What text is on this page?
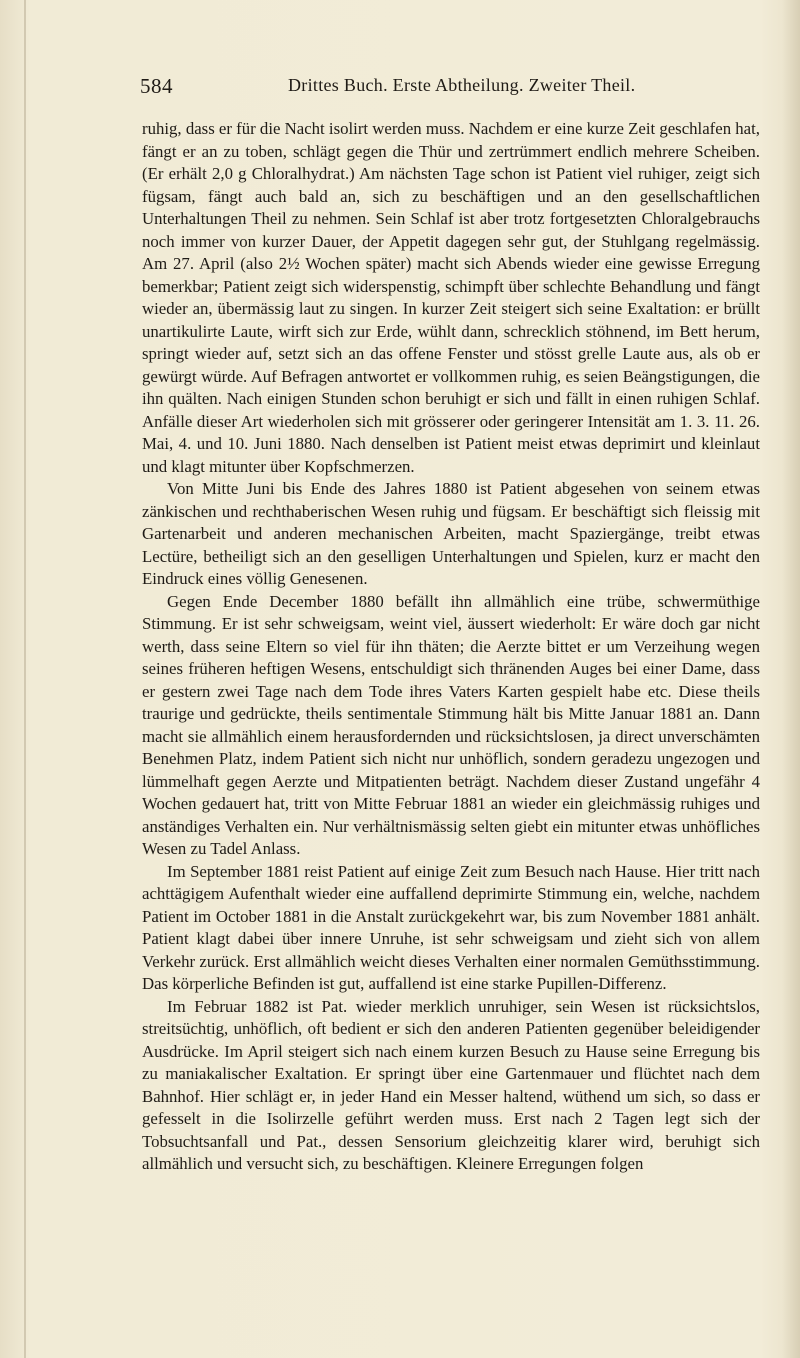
584	Drittes Buch. Erste Abtheilung. Zweiter Theil.

ruhig, dass er für die Nacht isolirt werden muss. Nachdem er eine kurze Zeit geschlafen hat, fängt er an zu toben, schlägt gegen die Thür und zertrümmert endlich mehrere Scheiben. (Er erhält 2,0 g Chloralhydrat.) Am nächsten Tage schon ist Patient viel ruhiger, zeigt sich fügsam, fängt auch bald an, sich zu beschäftigen und an den gesellschaftlichen Unterhaltungen Theil zu nehmen. Sein Schlaf ist aber trotz fortgesetzten Chloralgebrauchs noch immer von kurzer Dauer, der Appetit dagegen sehr gut, der Stuhlgang regelmässig. Am 27. April (also 2½ Wochen später) macht sich Abends wieder eine gewisse Erregung bemerkbar; Patient zeigt sich widerspenstig, schimpft über schlechte Behandlung und fängt wieder an, übermässig laut zu singen. In kurzer Zeit steigert sich seine Exaltation: er brüllt unartikulirte Laute, wirft sich zur Erde, wühlt dann, schrecklich stöhnend, im Bett herum, springt wieder auf, setzt sich an das offene Fenster und stösst grelle Laute aus, als ob er gewürgt würde. Auf Befragen antwortet er vollkommen ruhig, es seien Beängstigungen, die ihn quälten. Nach einigen Stunden schon beruhigt er sich und fällt in einen ruhigen Schlaf. Anfälle dieser Art wiederholen sich mit grösserer oder geringerer Intensität am 1. 3. 11. 26. Mai, 4. und 10. Juni 1880. Nach denselben ist Patient meist etwas deprimirt und kleinlaut und klagt mitunter über Kopfschmerzen.

Von Mitte Juni bis Ende des Jahres 1880 ist Patient abgesehen von seinem etwas zänkischen und rechthaberischen Wesen ruhig und fügsam. Er beschäftigt sich fleissig mit Gartenarbeit und anderen mechanischen Arbeiten, macht Spaziergänge, treibt etwas Lectüre, betheiligt sich an den geselligen Unterhaltungen und Spielen, kurz er macht den Eindruck eines völlig Genesenen.

Gegen Ende December 1880 befällt ihn allmählich eine trübe, schwermüthige Stimmung. Er ist sehr schweigsam, weint viel, äussert wiederholt: Er wäre doch gar nicht werth, dass seine Eltern so viel für ihn thäten; die Aerzte bittet er um Verzeihung wegen seines früheren heftigen Wesens, entschuldigt sich thränenden Auges bei einer Dame, dass er gestern zwei Tage nach dem Tode ihres Vaters Karten gespielt habe etc. Diese theils traurige und gedrückte, theils sentimentale Stimmung hält bis Mitte Januar 1881 an. Dann macht sie allmählich einem herausfordernden und rücksichtslosen, ja direct unverschämten Benehmen Platz, indem Patient sich nicht nur unhöflich, sondern geradezu ungezogen und lümmelhaft gegen Aerzte und Mitpatienten beträgt. Nachdem dieser Zustand ungefähr 4 Wochen gedauert hat, tritt von Mitte Februar 1881 an wieder ein gleichmässig ruhiges und anständiges Verhalten ein. Nur verhältnismässig selten giebt ein mitunter etwas unhöfliches Wesen zu Tadel Anlass.

Im September 1881 reist Patient auf einige Zeit zum Besuch nach Hause. Hier tritt nach achttägigem Aufenthalt wieder eine auffallend deprimirte Stimmung ein, welche, nachdem Patient im October 1881 in die Anstalt zurückgekehrt war, bis zum November 1881 anhält. Patient klagt dabei über innere Unruhe, ist sehr schweigsam und zieht sich von allem Verkehr zurück. Erst allmählich weicht dieses Verhalten einer normalen Gemüthsstimmung. Das körperliche Befinden ist gut, auffallend ist eine starke Pupillen-Differenz.

Im Februar 1882 ist Pat. wieder merklich unruhiger, sein Wesen ist rücksichtslos, streitsüchtig, unhöflich, oft bedient er sich den anderen Patienten gegenüber beleidigender Ausdrücke. Im April steigert sich nach einem kurzen Besuch zu Hause seine Erregung bis zu maniakalischer Exaltation. Er springt über eine Gartenmauer und flüchtet nach dem Bahnhof. Hier schlägt er, in jeder Hand ein Messer haltend, wüthend um sich, so dass er gefesselt in die Isolirzelle geführt werden muss. Erst nach 2 Tagen legt sich der Tobsuchtsanfall und Pat., dessen Sensorium gleichzeitig klarer wird, beruhigt sich allmählich und versucht sich, zu beschäftigen. Kleinere Erregungen folgen
